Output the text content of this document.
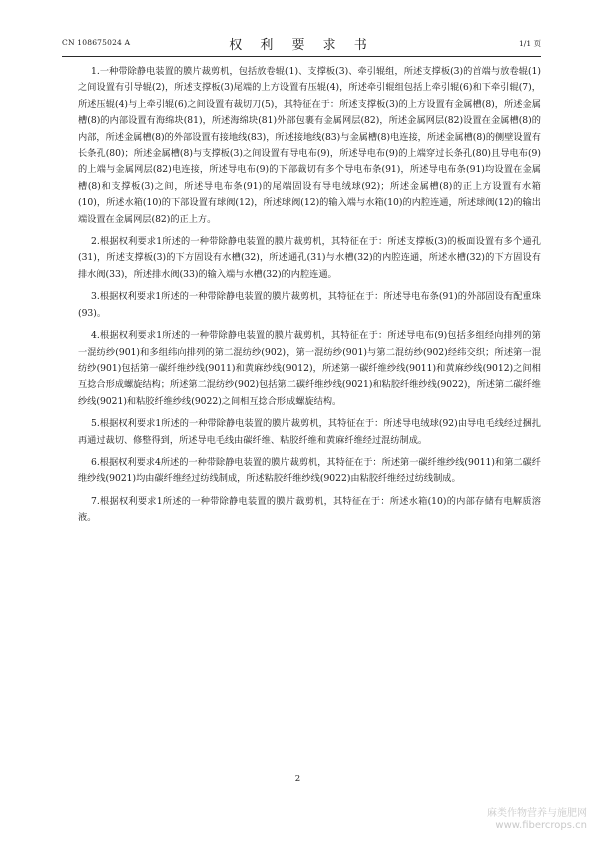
CN 108675024 A	权 利 要 求 书	1/1 页

1.一种带除静电装置的膜片裁剪机，包括放卷辊(1)、支撑板(3)、牵引辊组，所述支撑板(3)的首端与放卷辊(1)之间设置有引导辊(2)，所述支撑板(3)尾端的上方设置有压辊(4)，所述牵引辊组包括上牵引辊(6)和下牵引辊(7)，所述压辊(4)与上牵引辊(6)之间设置有裁切刀(5)，其特征在于：所述支撑板(3)的上方设置有金属槽(8)，所述金属槽(8)的内部设置有海绵块(81)，所述海绵块(81)外部包裹有金属网层(82)，所述金属网层(82)设置在金属槽(8)的内部，所述金属槽(8)的外部设置有接地线(83)，所述接地线(83)与金属槽(8)电连接，所述金属槽(8)的侧壁设置有长条孔(80)；所述金属槽(8)与支撑板(3)之间设置有导电布(9)，所述导电布(9)的上端穿过长条孔(80)且导电布(9)的上端与金属网层(82)电连接，所述导电布(9)的下部裁切有多个导电布条(91)，所述导电布条(91)均设置在金属槽(8)和支撑板(3)之间，所述导电布条(91)的尾端固设有导电绒球(92)；所述金属槽(8)的正上方设置有水箱(10)，所述水箱(10)的下部设置有球阀(12)，所述球阀(12)的输入端与水箱(10)的内腔连通，所述球阀(12)的输出端设置在金属网层(82)的正上方。

2.根据权利要求1所述的一种带除静电装置的膜片裁剪机，其特征在于：所述支撑板(3)的板面设置有多个通孔(31)，所述支撑板(3)的下方固设有水槽(32)，所述通孔(31)与水槽(32)的内腔连通，所述水槽(32)的下方固设有排水阀(33)，所述排水阀(33)的输入端与水槽(32)的内腔连通。

3.根据权利要求1所述的一种带除静电装置的膜片裁剪机，其特征在于：所述导电布条(91)的外部固设有配重珠(93)。

4.根据权利要求1所述的一种带除静电装置的膜片裁剪机，其特征在于：所述导电布(9)包括多组经向排列的第一混纺纱(901)和多组纬向排列的第二混纺纱(902)，第一混纺纱(901)与第二混纺纱(902)经纬交织；所述第一混纺纱(901)包括第一碳纤维纱线(9011)和黄麻纱线(9012)，所述第一碳纤维纱线(9011)和黄麻纱线(9012)之间相互捻合形成螺旋结构；所述第二混纺纱(902)包括第二碳纤维纱线(9021)和粘胶纤维纱线(9022)，所述第二碳纤维纱线(9021)和粘胶纤维纱线(9022)之间相互捻合形成螺旋结构。

5.根据权利要求1所述的一种带除静电装置的膜片裁剪机，其特征在于：所述导电绒球(92)由导电毛线经过捆扎再通过裁切、修整得到，所述导电毛线由碳纤维、粘胶纤维和黄麻纤维经过混纺制成。

6.根据权利要求4所述的一种带除静电装置的膜片裁剪机，其特征在于：所述第一碳纤维纱线(9011)和第二碳纤维纱线(9021)均由碳纤维经过纺线制成，所述粘胶纤维纱线(9022)由粘胶纤维经过纺线制成。

7.根据权利要求1所述的一种带除静电装置的膜片裁剪机，其特征在于：所述水箱(10)的内部存储有电解质溶液。

2
麻类作物营养与施肥网
www.fibercrops.cn
